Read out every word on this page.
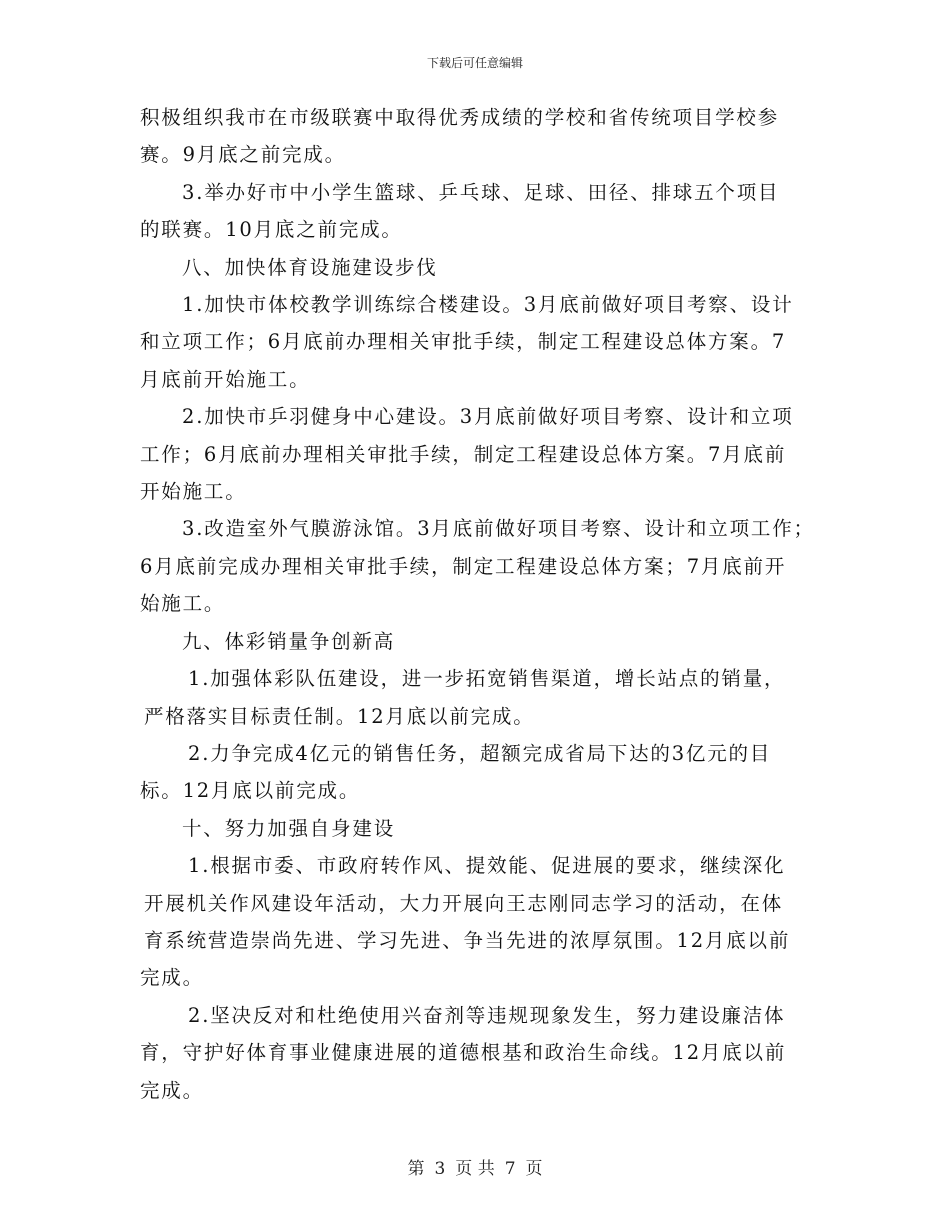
下载后可任意编辑
积极组织我市在市级联赛中取得优秀成绩的学校和省传统项目学校参
赛。9月底之前完成。
3.举办好市中小学生篮球、乒乓球、足球、田径、排球五个项目
的联赛。10月底之前完成。
八、加快体育设施建设步伐
1.加快市体校教学训练综合楼建设。3月底前做好项目考察、设计
和立项工作；6月底前办理相关审批手续，制定工程建设总体方案。7
月底前开始施工。
2.加快市乒羽健身中心建设。3月底前做好项目考察、设计和立项
工作；6月底前办理相关审批手续，制定工程建设总体方案。7月底前
开始施工。
3.改造室外气膜游泳馆。3月底前做好项目考察、设计和立项工作；
6月底前完成办理相关审批手续，制定工程建设总体方案；7月底前开
始施工。
九、体彩销量争创新高
1.加强体彩队伍建设，进一步拓宽销售渠道，增长站点的销量，
严格落实目标责任制。12月底以前完成。
2.力争完成4亿元的销售任务，超额完成省局下达的3亿元的目
标。12月底以前完成。
十、努力加强自身建设
1.根据市委、市政府转作风、提效能、促进展的要求，继续深化
开展机关作风建设年活动，大力开展向王志刚同志学习的活动，在体
育系统营造崇尚先进、学习先进、争当先进的浓厚氛围。12月底以前
完成。
2.坚决反对和杜绝使用兴奋剂等违规现象发生，努力建设廉洁体
育，守护好体育事业健康进展的道德根基和政治生命线。12月底以前
完成。
第 3 页 共 7 页
